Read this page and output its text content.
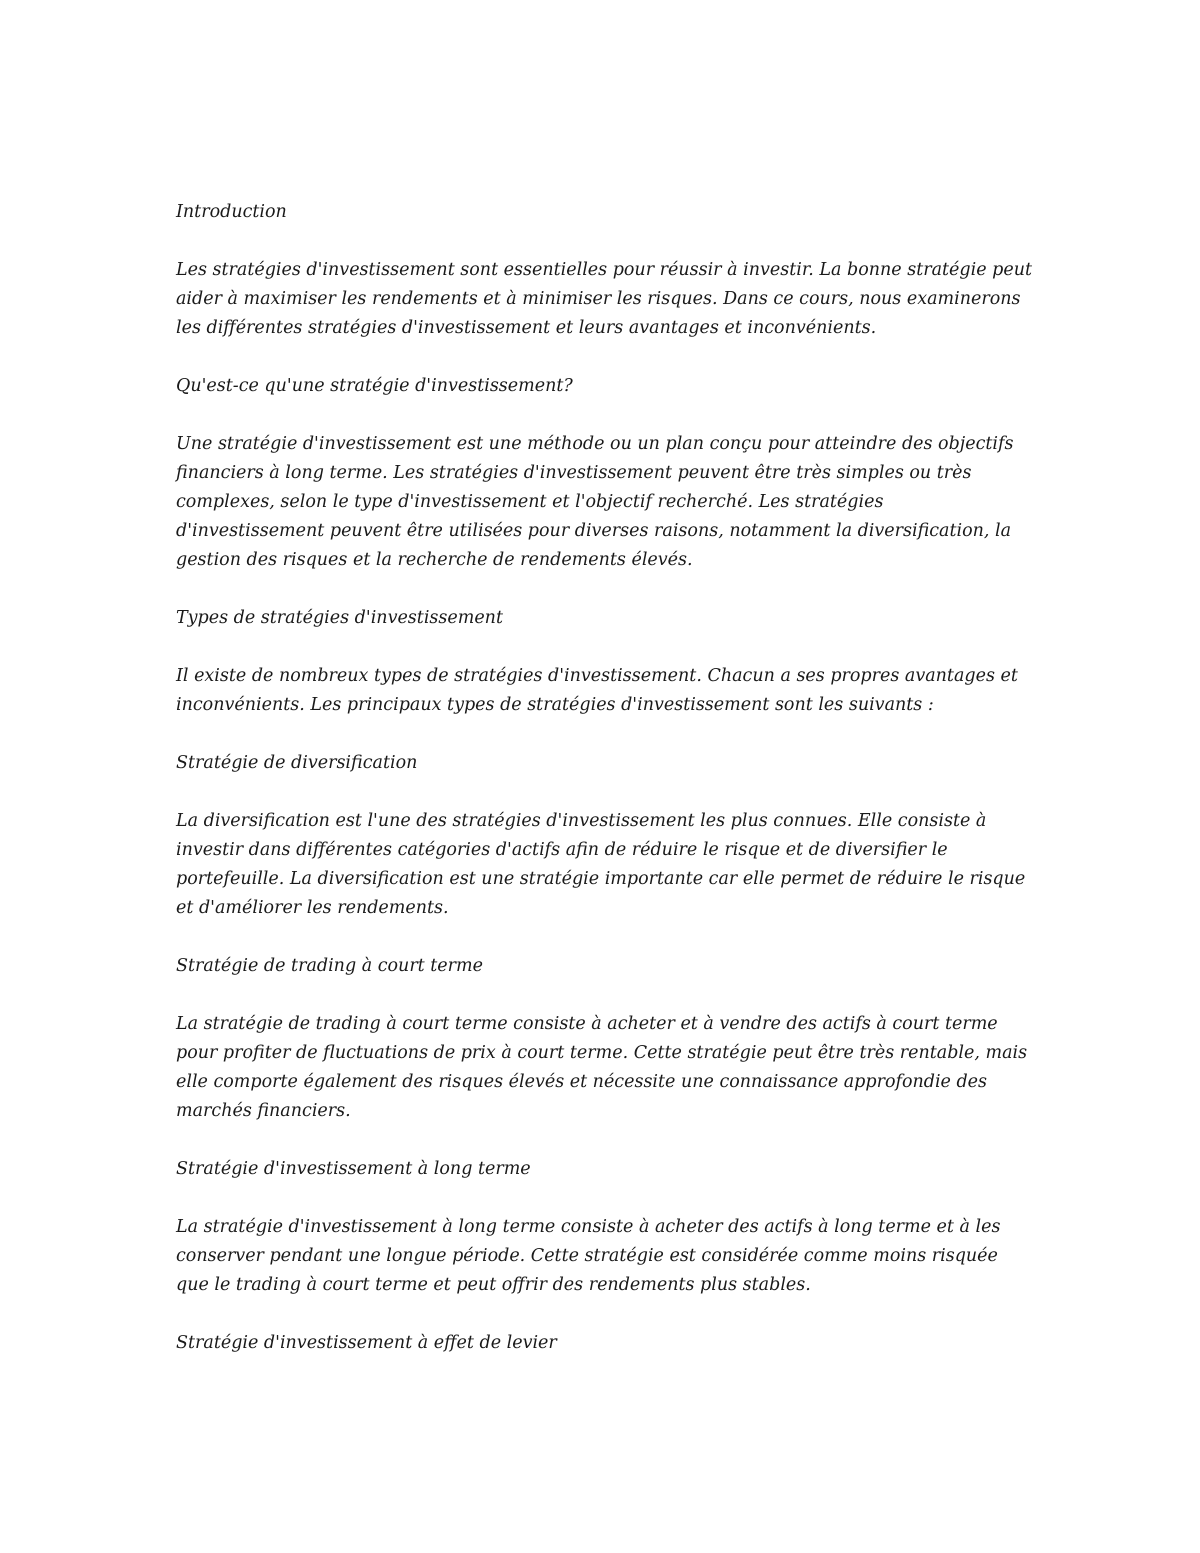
Introduction

Les stratégies d'investissement sont essentielles pour réussir à investir. La bonne stratégie peut aider à maximiser les rendements et à minimiser les risques. Dans ce cours, nous examinerons les différentes stratégies d'investissement et leurs avantages et inconvénients.

Qu'est-ce qu'une stratégie d'investissement?

Une stratégie d'investissement est une méthode ou un plan conçu pour atteindre des objectifs financiers à long terme. Les stratégies d'investissement peuvent être très simples ou très complexes, selon le type d'investissement et l'objectif recherché. Les stratégies d'investissement peuvent être utilisées pour diverses raisons, notamment la diversification, la gestion des risques et la recherche de rendements élevés.

Types de stratégies d'investissement

Il existe de nombreux types de stratégies d'investissement. Chacun a ses propres avantages et inconvénients. Les principaux types de stratégies d'investissement sont les suivants :

Stratégie de diversification

La diversification est l'une des stratégies d'investissement les plus connues. Elle consiste à investir dans différentes catégories d'actifs afin de réduire le risque et de diversifier le portefeuille. La diversification est une stratégie importante car elle permet de réduire le risque et d'améliorer les rendements.

Stratégie de trading à court terme

La stratégie de trading à court terme consiste à acheter et à vendre des actifs à court terme pour profiter de fluctuations de prix à court terme. Cette stratégie peut être très rentable, mais elle comporte également des risques élevés et nécessite une connaissance approfondie des marchés financiers.

Stratégie d'investissement à long terme

La stratégie d'investissement à long terme consiste à acheter des actifs à long terme et à les conserver pendant une longue période. Cette stratégie est considérée comme moins risquée que le trading à court terme et peut offrir des rendements plus stables.

Stratégie d'investissement à effet de levier
